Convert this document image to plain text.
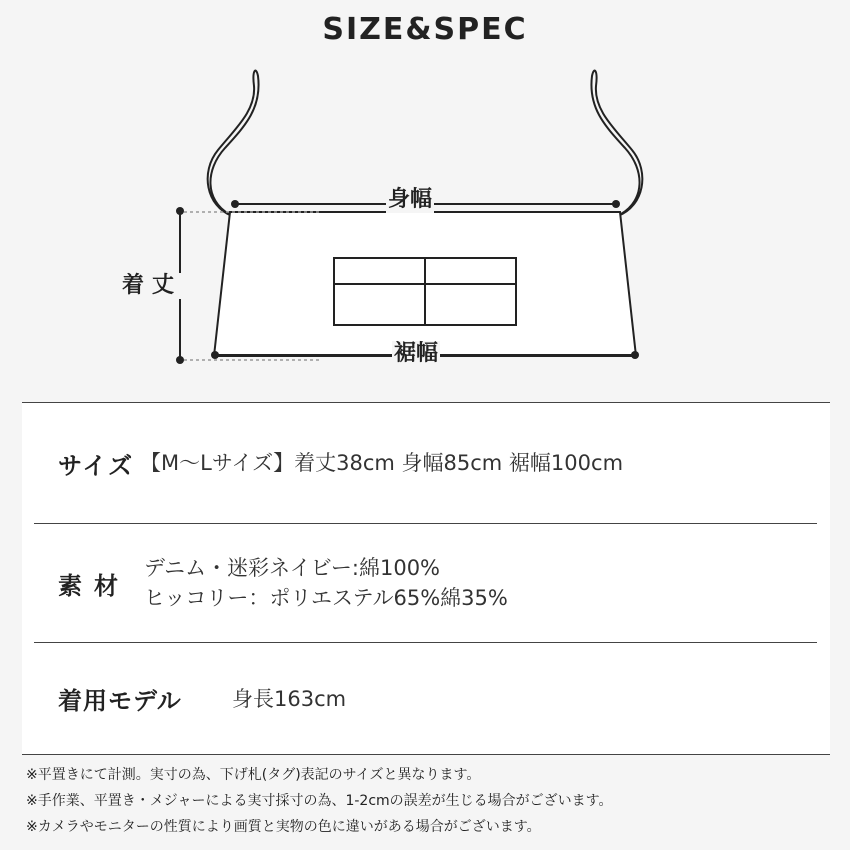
SIZE&SPEC
身幅
着丈
裾幅
サイズ 【M〜Lサイズ】着丈38cm 身幅85cm 裾幅100cm
素材
デニム・迷彩ネイビー:綿100%
ヒッコリー：ポリエステル65%綿35%
着用モデル	身長163cm
※平置きにて計測。実寸の為、下げ札(タグ)表記のサイズと異なります。
※手作業、平置き・メジャーによる実寸採寸の為、1-2cmの誤差が生じる場合がございます。
※カメラやモニターの性質により画質と実物の色に違いがある場合がございます。
